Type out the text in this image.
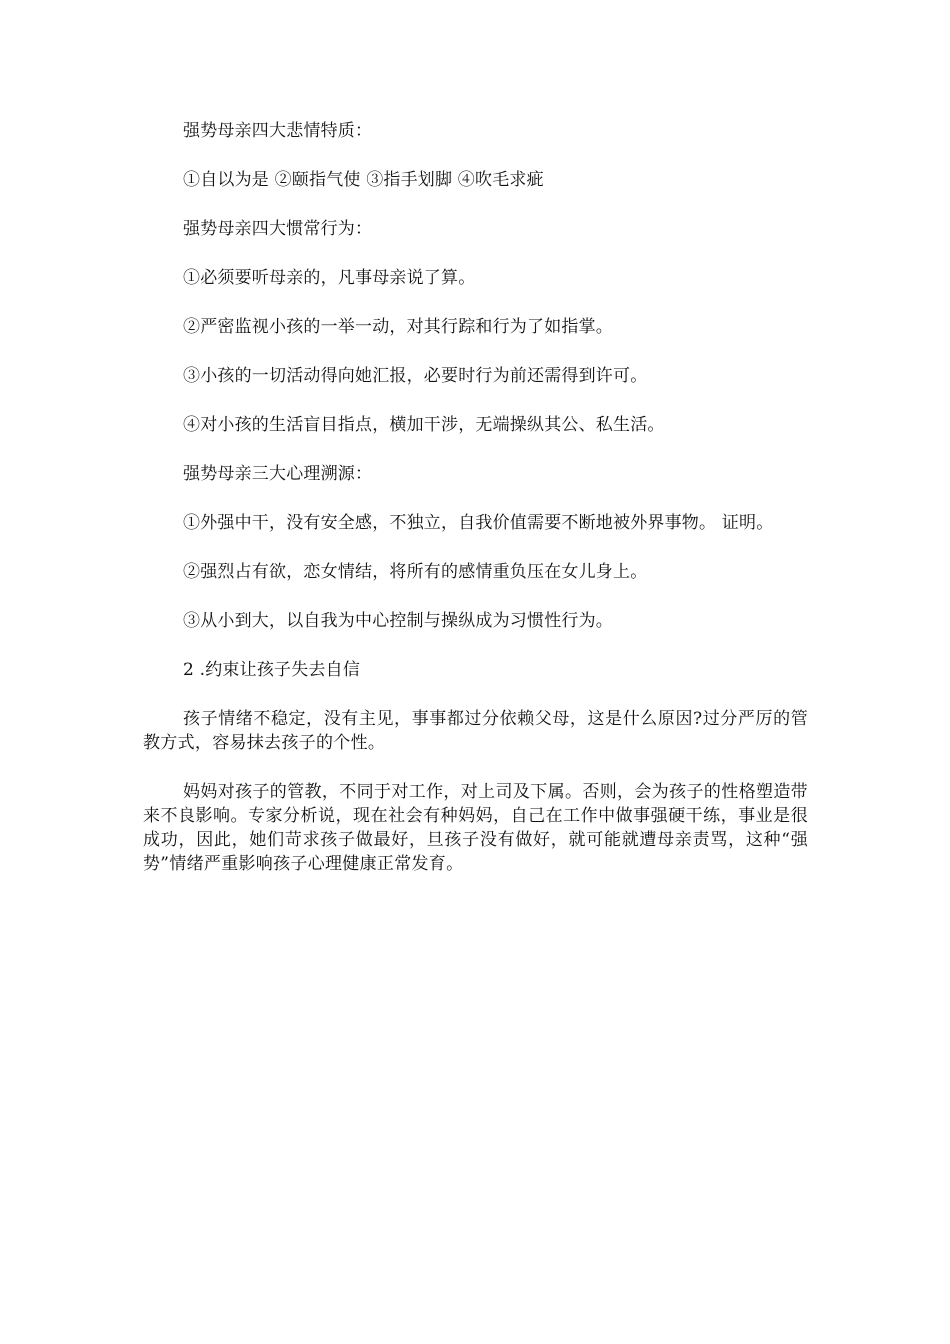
强势母亲四大悲情特质：

①自以为是 ②颐指气使 ③指手划脚 ④吹毛求疵

强势母亲四大惯常行为：

①必须要听母亲的，凡事母亲说了算。

②严密监视小孩的一举一动，对其行踪和行为了如指掌。

③小孩的一切活动得向她汇报，必要时行为前还需得到许可。

④对小孩的生活盲目指点，横加干涉，无端操纵其公、私生活。

强势母亲三大心理溯源：

①外强中干，没有安全感，不独立，自我价值需要不断地被外界事物。 证明。

②强烈占有欲，恋女情结，将所有的感情重负压在女儿身上。

③从小到大，以自我为中心控制与操纵成为习惯性行为。

2 .约束让孩子失去自信

孩子情绪不稳定，没有主见，事事都过分依赖父母，这是什么原因?过分严厉的管教方式，容易抹去孩子的个性。

妈妈对孩子的管教，不同于对工作，对上司及下属。否则，会为孩子的性格塑造带来不良影响。专家分析说，现在社会有种妈妈，自己在工作中做事强硬干练，事业是很成功，因此，她们苛求孩子做最好，旦孩子没有做好，就可能就遭母亲责骂，这种“强势”情绪严重影响孩子心理健康正常发育。
